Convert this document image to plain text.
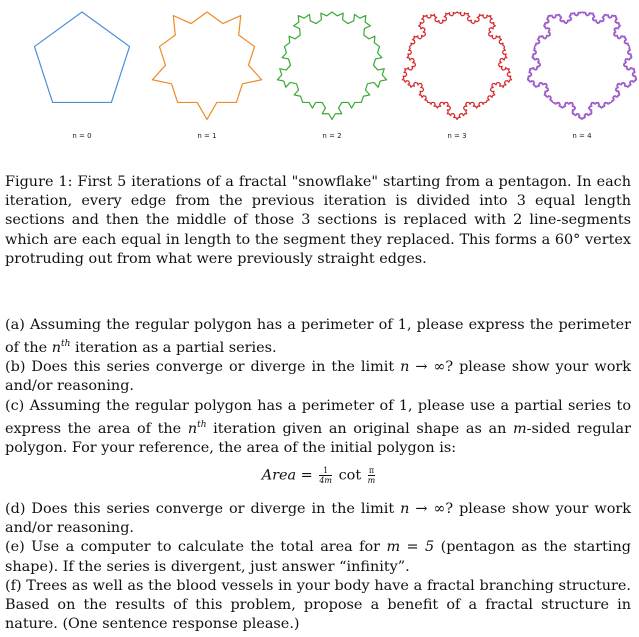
n = 0	n = 1	n = 2	n = 3	n = 4

Figure 1: First 5 iterations of a fractal "snowflake" starting from a pentagon. In each iteration, every edge from the previous iteration is divided into 3 equal length sections and then the middle of those 3 sections is replaced with 2 line-segments which are each equal in length to the segment they replaced. This forms a 60° vertex protruding out from what were previously straight edges.

(a) Assuming the regular polygon has a perimeter of 1, please express the perimeter of the $n^{th}$ iteration as a partial series.

(b) Does this series converge or diverge in the limit n → ∞? please show your work and/or reasoning.

(c) Assuming the regular polygon has a perimeter of 1, please use a partial series to express the area of the $n^{th}$ iteration given an original shape as an m-sided regular polygon. For your reference, the area of the initial polygon is:

Area = $\frac{1}{4m}$ $\cot \frac{\pi}{m}$

(d) Does this series converge or diverge in the limit n → ∞? please show your work and/or reasoning.

(e) Use a computer to calculate the total area for m = 5 (pentagon as the starting shape). If the series is divergent, just answer “infinity”.

(f) Trees as well as the blood vessels in your body have a fractal branching structure. Based on the results of this problem, propose a benefit of a fractal structure in nature. (One sentence response please.)
